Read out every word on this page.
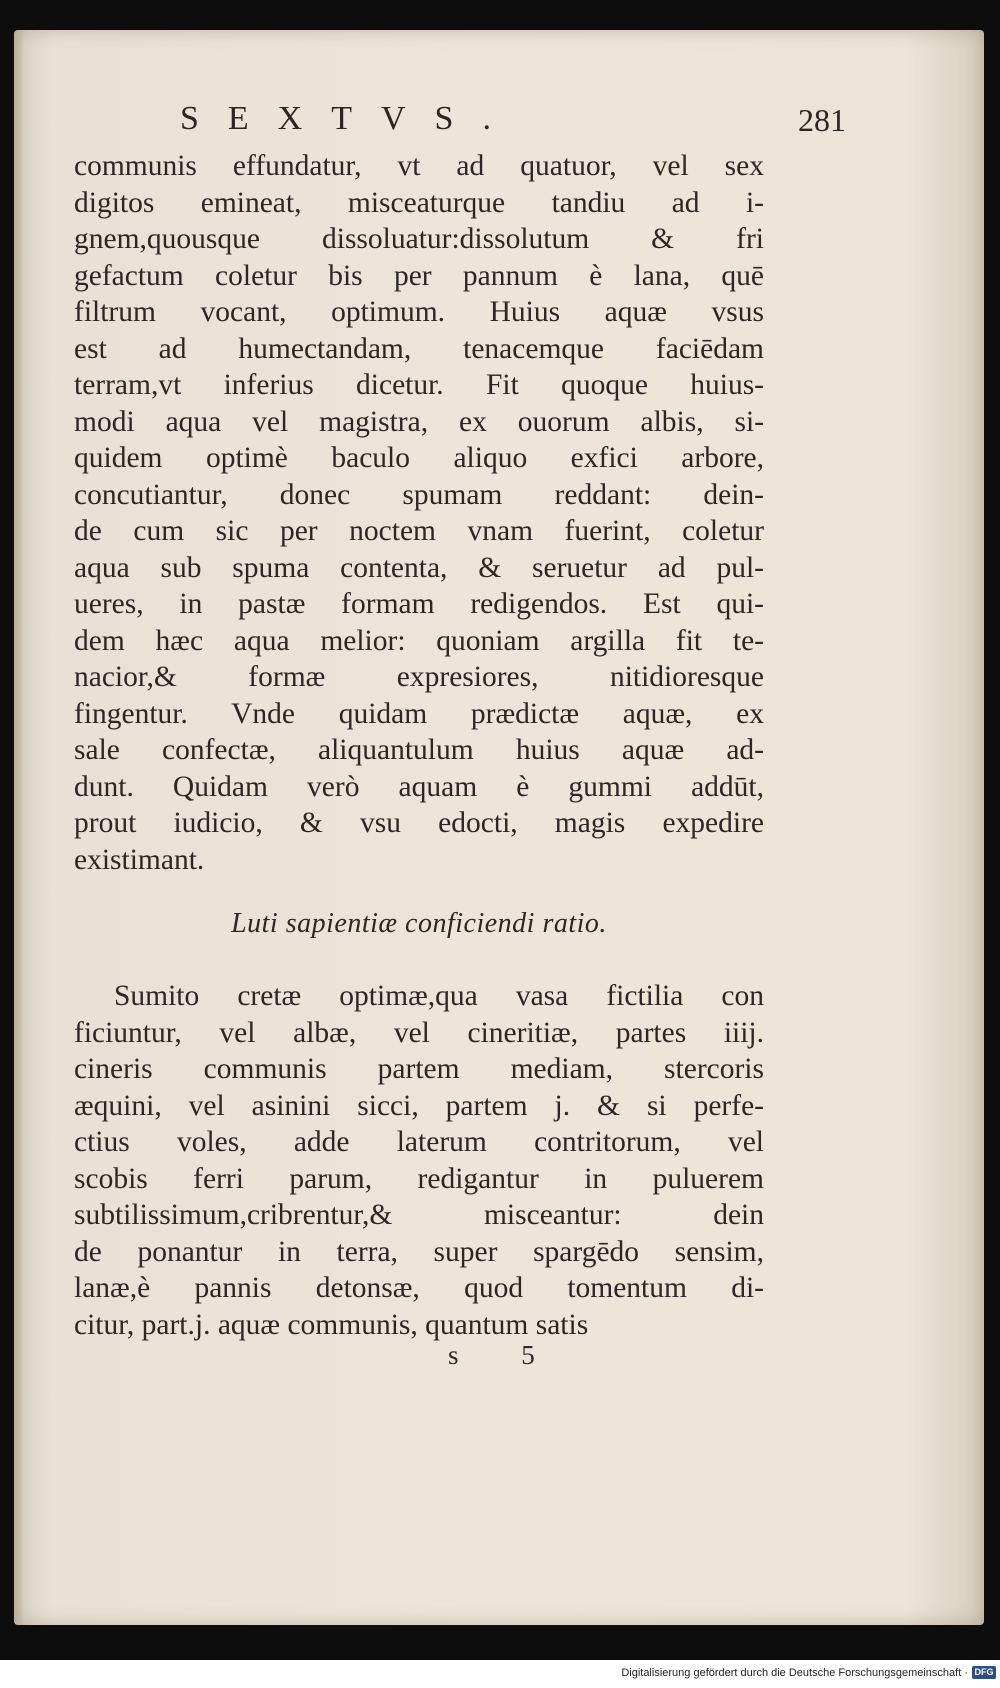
SEXTVS.	281
communis effundatur, vt ad quatuor, vel sex
digitos emineat, misceaturque tandiu ad i-
gnem,quousque dissoluatur:dissolutum & fri
gefactum coletur bis per pannum è lana, quē
filtrum vocant, optimum. Huius aquæ vsus
est ad humectandam, tenacemque faciēdam
terram,vt inferius dicetur. Fit quoque huius-
modi aqua vel magistra, ex ouorum albis, si-
quidem optimè baculo aliquo exfici arbore,
concutiantur, donec spumam reddant: dein-
de cum sic per noctem vnam fuerint, coletur
aqua sub spuma contenta, & seruetur ad pul-
ueres, in pastæ formam redigendos. Est qui-
dem hæc aqua melior: quoniam argilla fit te-
nacior,& formæ expresiores, nitidioresque
fingentur. Vnde quidam prædictæ aquæ, ex
sale confectæ, aliquantulum huius aquæ ad-
dunt. Quidam verò aquam è gummi addūt,
prout iudicio, & vsu edocti, magis expedire
existimant.
Luti sapientiæ conficiendi ratio.
Sumito cretæ optimæ,qua vasa fictilia con
ficiuntur, vel albæ, vel cineritiæ, partes iiij.
cineris communis partem mediam, stercoris
æquini, vel asinini sicci, partem j. & si perfe-
ctius voles, adde laterum contritorum, vel
scobis ferri parum, redigantur in puluerem
subtilissimum,cribrentur,& misceantur: dein
de ponantur in terra, super spargēdo sensim,
lanæ,è pannis detonsæ, quod tomentum di-
citur, part.j. aquæ communis, quantum satis
s 5
Digitalisierung gefördert durch die Deutsche Forschungsgemeinschaft · DFG
